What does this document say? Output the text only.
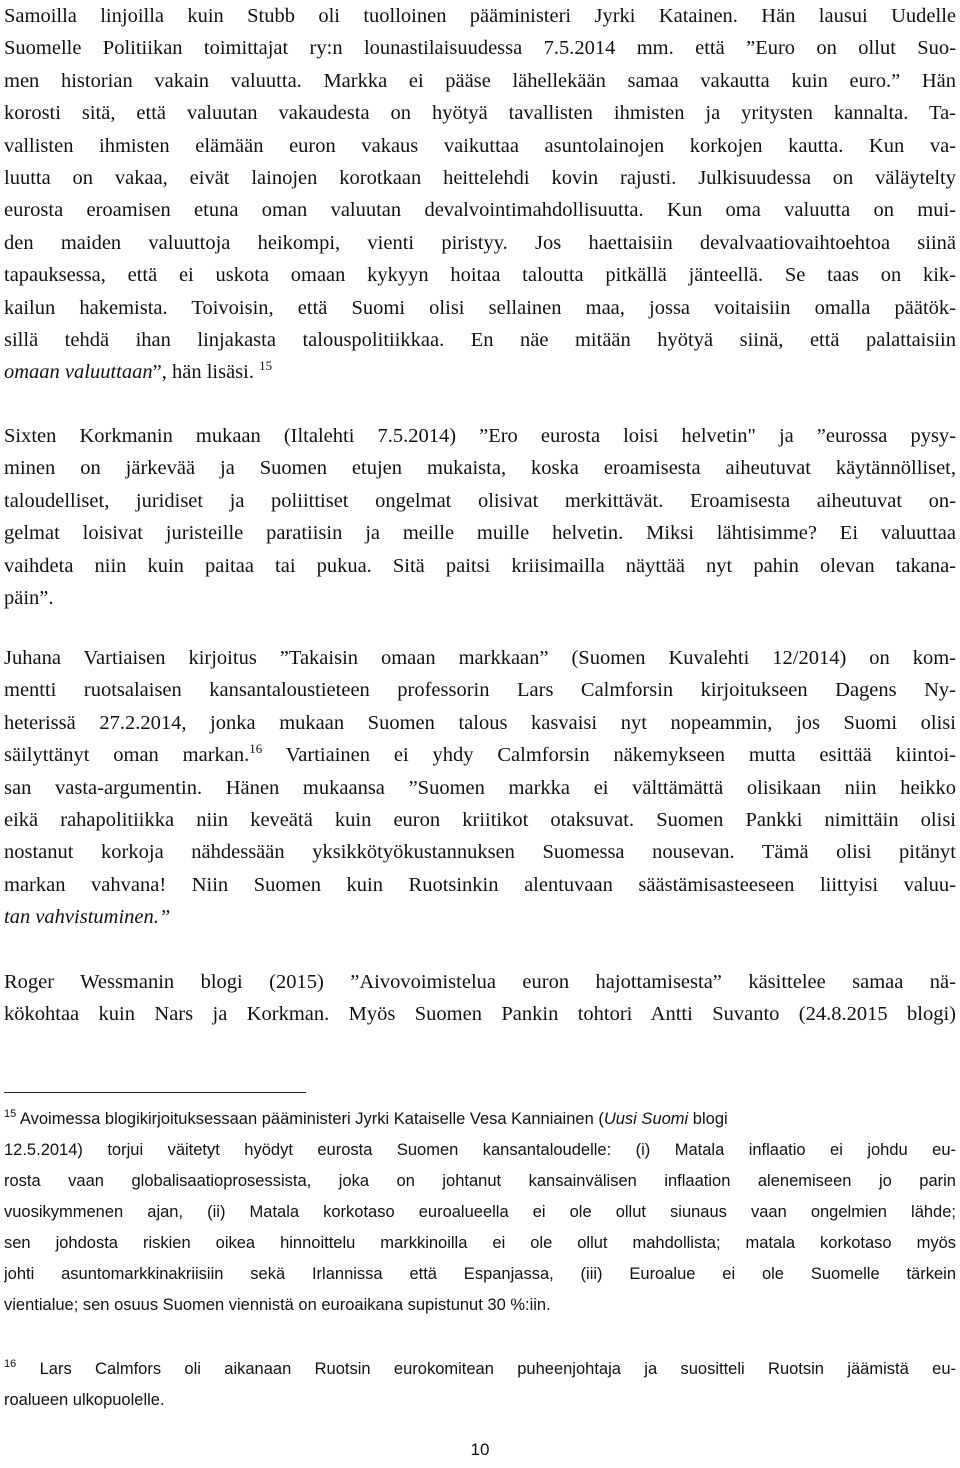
Samoilla linjoilla kuin Stubb oli tuolloinen pääministeri Jyrki Katainen. Hän lausui Uudelle
Suomelle Politiikan toimittajat ry:n lounastilaisuudessa 7.5.2014 mm. että ”Euro on ollut Suo-
men historian vakain valuutta. Markka ei pääse lähellekään samaa vakautta kuin euro.” Hän
korosti sitä, että valuutan vakaudesta on hyötyä tavallisten ihmisten ja yritysten kannalta. Ta-
vallisten ihmisten elämään euron vakaus vaikuttaa asuntolainojen korkojen kautta. Kun va-
luutta on vakaa, eivät lainojen korotkaan heittelehdi kovin rajusti. Julkisuudessa on väläytelty
eurosta eroamisen etuna oman valuutan devalvointimahdollisuutta. Kun oma valuutta on mui-
den maiden valuuttoja heikompi, vienti piristyy. Jos haettaisiin devalvaatiovaihtoehtoa siinä
tapauksessa, että ei uskota omaan kykyyn hoitaa taloutta pitkällä jänteellä. Se taas on kik-
kailun hakemista. Toivoisin, että Suomi olisi sellainen maa, jossa voitaisiin omalla päätök-
sillä tehdä ihan linjakasta talouspolitiikkaa. En näe mitään hyötyä siinä, että palattaisiin
omaan valuuttaan”, hän lisäsi. $^{15}$
Sixten Korkmanin mukaan (Iltalehti 7.5.2014) ”Ero eurosta loisi helvetin" ja ”eurossa pysy-
minen on järkevää ja Suomen etujen mukaista, koska eroamisesta aiheutuvat käytännölliset,
taloudelliset, juridiset ja poliittiset ongelmat olisivat merkittävät. Eroamisesta aiheutuvat on-
gelmat loisivat juristeille paratiisin ja meille muille helvetin. Miksi lähtisimme? Ei valuuttaa
vaihdeta niin kuin paitaa tai pukua. Sitä paitsi kriisimailla näyttää nyt pahin olevan takana-
päin”.
Juhana Vartiaisen kirjoitus ”Takaisin omaan markkaan” (Suomen Kuvalehti 12/2014) on kom-
mentti ruotsalaisen kansantaloustieteen professorin Lars Calmforsin kirjoitukseen Dagens Ny-
heterissä 27.2.2014, jonka mukaan Suomen talous kasvaisi nyt nopeammin, jos Suomi olisi
säilyttänyt oman markan.$^{16}$ Vartiainen ei yhdy Calmforsin näkemykseen mutta esittää kiintoi-
san vasta-argumentin. Hänen mukaansa ”Suomen markka ei välttämättä olisikaan niin heikko
eikä rahapolitiikka niin keveätä kuin euron kriitikot otaksuvat. Suomen Pankki nimittäin olisi
nostanut korkoja nähdessään yksikkötyökustannuksen Suomessa nousevan. Tämä olisi pitänyt
markan vahvana! Niin Suomen kuin Ruotsinkin alentuvaan säästämisasteeseen liittyisi valuu-
tan vahvistuminen.”
Roger Wessmanin blogi (2015) ”Aivovoimistelua euron hajottamisesta” käsittelee samaa nä-
kökohtaa kuin Nars ja Korkman. Myös Suomen Pankin tohtori Antti Suvanto (24.8.2015 blogi)
$^{15}$ Avoimessa blogikirjoituksessaan pääministeri Jyrki Kataiselle Vesa Kanniainen (Uusi Suomi blogi
12.5.2014) torjui väitetyt hyödyt eurosta Suomen kansantaloudelle: (i) Matala inflaatio ei johdu eu-
rosta vaan globalisaatioprosessista, joka on johtanut kansainvälisen inflaation alenemiseen jo parin
vuosikymmenen ajan, (ii) Matala korkotaso euroalueella ei ole ollut siunaus vaan ongelmien lähde;
sen johdosta riskien oikea hinnoittelu markkinoilla ei ole ollut mahdollista; matala korkotaso myös
johti asuntomarkkinakriisiin sekä Irlannissa että Espanjassa, (iii) Euroalue ei ole Suomelle tärkein
vientialue; sen osuus Suomen viennistä on euroaikana supistunut 30 %:iin.
$^{16}$ Lars Calmfors oli aikanaan Ruotsin eurokomitean puheenjohtaja ja suositteli Ruotsin jäämistä eu-
roalueen ulkopuolelle.
10
